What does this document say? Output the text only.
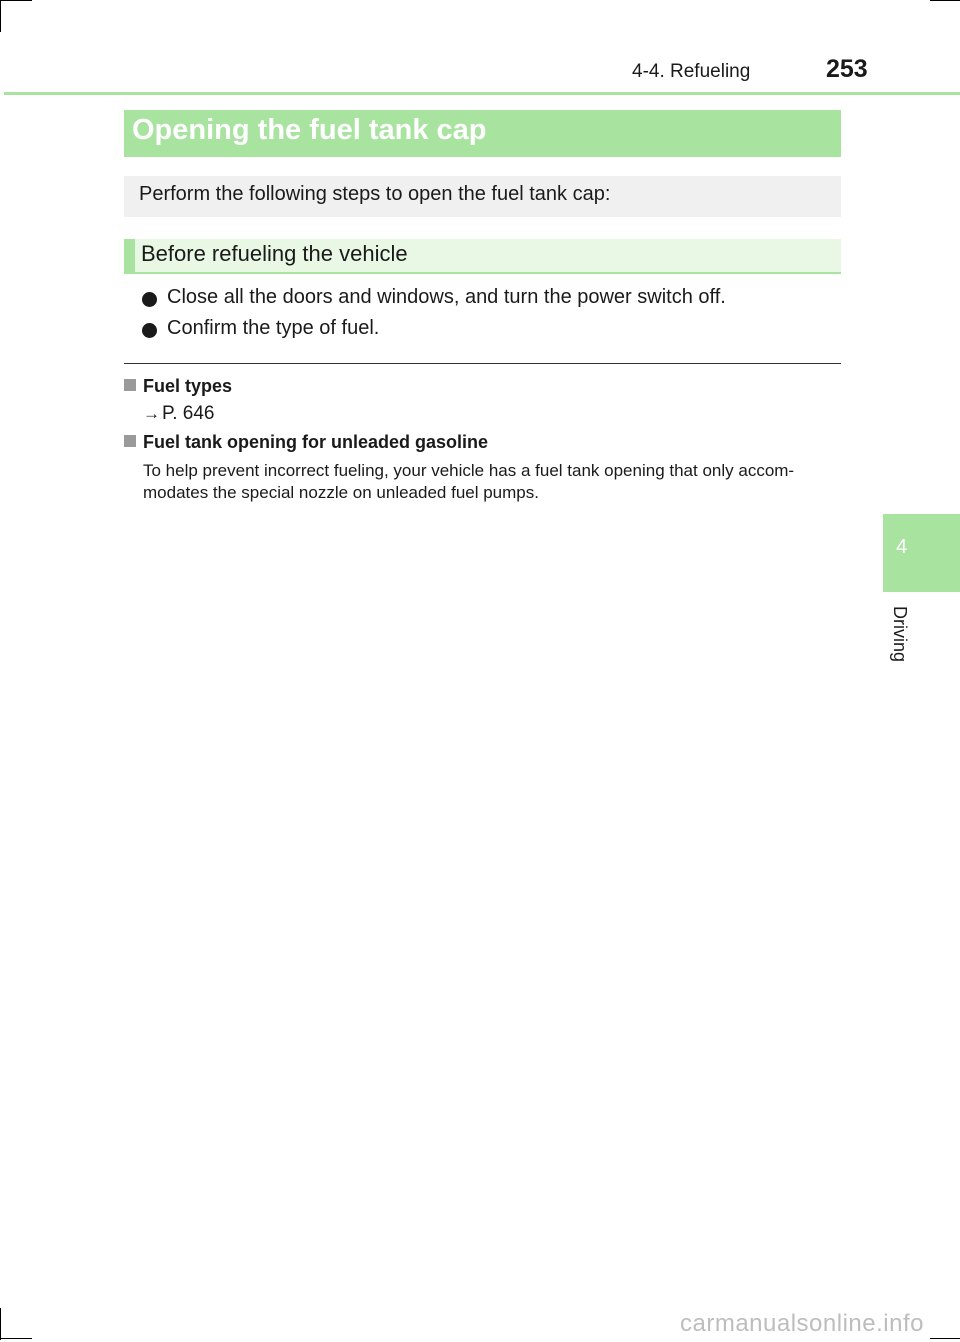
4-4. Refueling	253
Opening the fuel tank cap
Perform the following steps to open the fuel tank cap:
Before refueling the vehicle
Close all the doors and windows, and turn the power switch off.
Confirm the type of fuel.
Fuel types
→ P. 646
Fuel tank opening for unleaded gasoline
To help prevent incorrect fueling, your vehicle has a fuel tank opening that only accom-
modates the special nozzle on unleaded fuel pumps.
4
Driving
carmanualsonline.info
